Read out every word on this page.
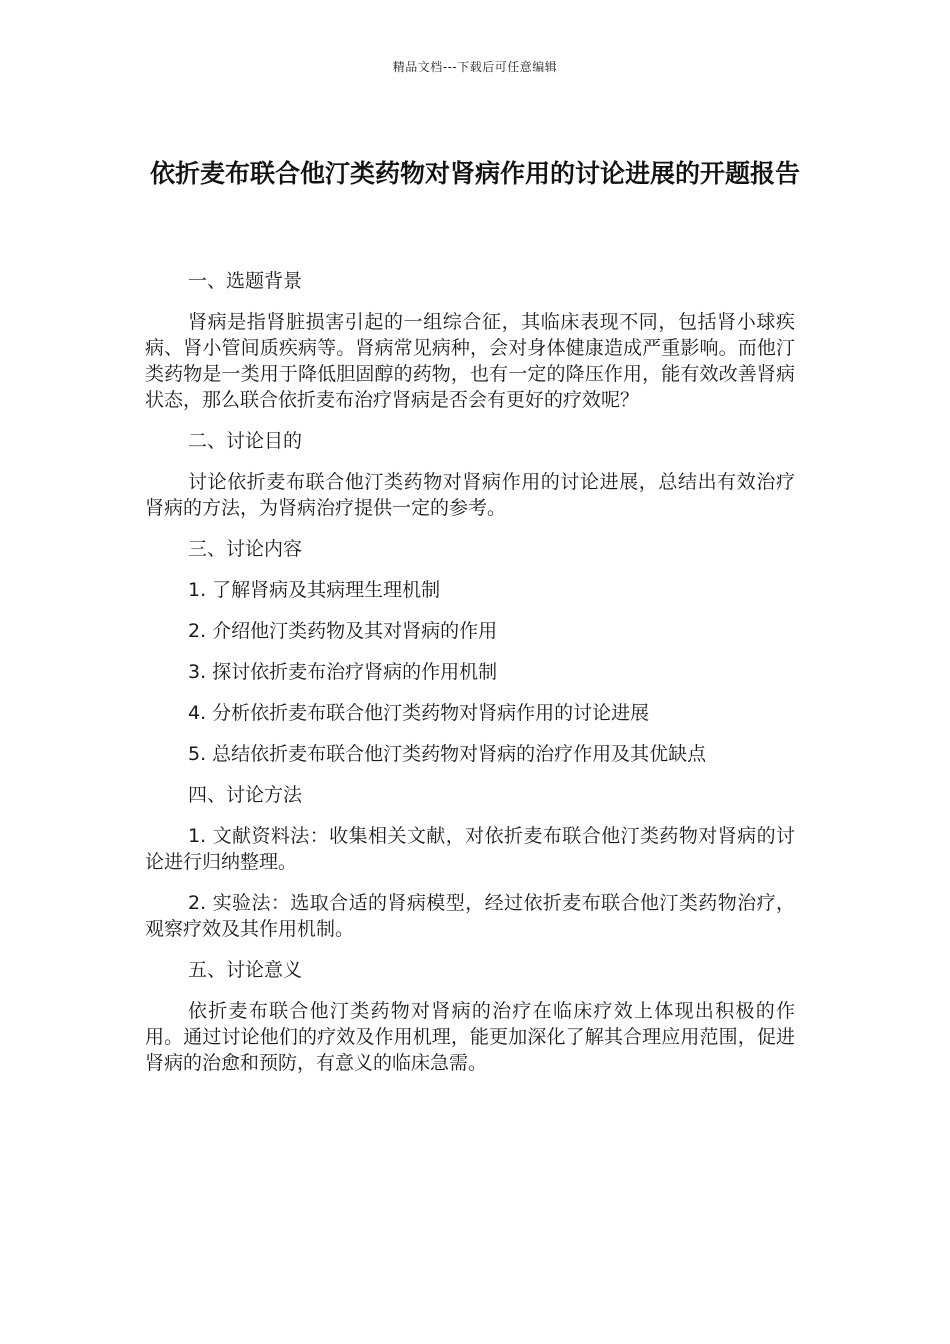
精品文档---下载后可任意编辑
依折麦布联合他汀类药物对肾病作用的讨论进展的开题报告

一、选题背景

肾病是指肾脏损害引起的一组综合征，其临床表现不同，包括肾小球疾病、肾小管间质疾病等。肾病常见病种，会对身体健康造成严重影响。而他汀类药物是一类用于降低胆固醇的药物，也有一定的降压作用，能有效改善肾病状态，那么联合依折麦布治疗肾病是否会有更好的疗效呢？

二、讨论目的

讨论依折麦布联合他汀类药物对肾病作用的讨论进展，总结出有效治疗肾病的方法，为肾病治疗提供一定的参考。

三、讨论内容

1. 了解肾病及其病理生理机制

2. 介绍他汀类药物及其对肾病的作用

3. 探讨依折麦布治疗肾病的作用机制

4. 分析依折麦布联合他汀类药物对肾病作用的讨论进展

5. 总结依折麦布联合他汀类药物对肾病的治疗作用及其优缺点

四、讨论方法

1. 文献资料法：收集相关文献，对依折麦布联合他汀类药物对肾病的讨论进行归纳整理。

2. 实验法：选取合适的肾病模型，经过依折麦布联合他汀类药物治疗，观察疗效及其作用机制。

五、讨论意义

依折麦布联合他汀类药物对肾病的治疗在临床疗效上体现出积极的作用。通过讨论他们的疗效及作用机理，能更加深化了解其合理应用范围，促进肾病的治愈和预防，有意义的临床急需。
